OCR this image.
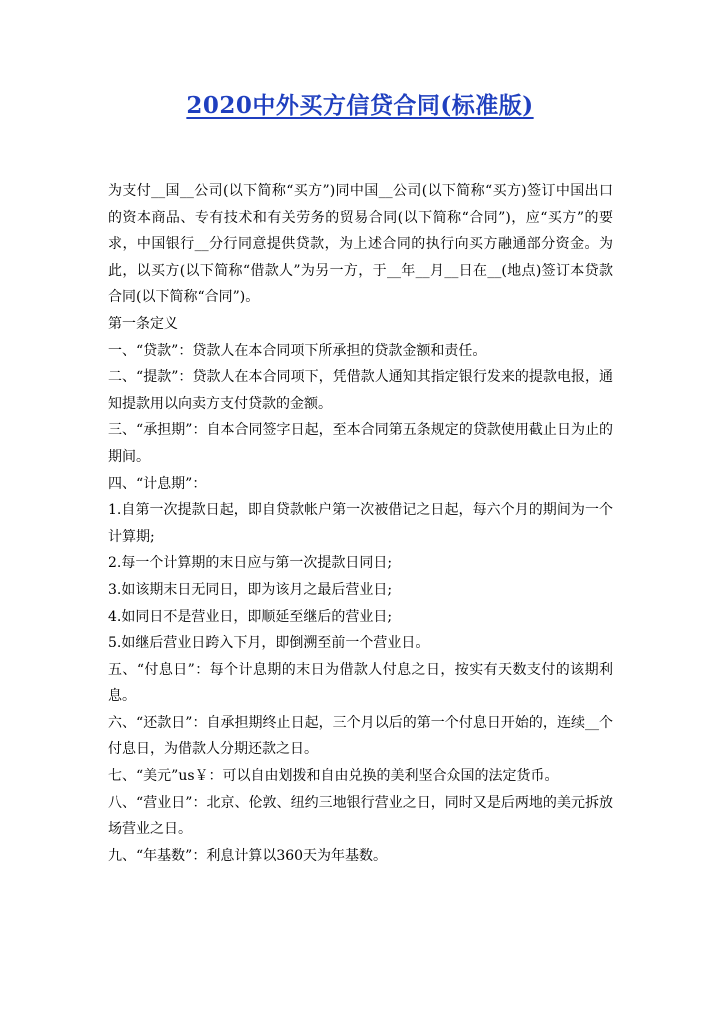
2020中外买方信贷合同(标准版)

为支付__国__公司(以下简称“买方”)同中国__公司(以下简称“买方)签订中国出口的资本商品、专有技术和有关劳务的贸易合同(以下简称“合同”)，应“买方”的要求，中国银行__分行同意提供贷款，为上述合同的执行向买方融通部分资金。为此，以买方(以下简称“借款人”为另一方，于__年__月__日在__(地点)签订本贷款合同(以下简称“合同”)。

第一条定义

一、“贷款”：贷款人在本合同项下所承担的贷款金额和责任。

二、“提款”：贷款人在本合同项下，凭借款人通知其指定银行发来的提款电报，通知提款用以向卖方支付贷款的金额。

三、“承担期”：自本合同签字日起，至本合同第五条规定的贷款使用截止日为止的期间。

四、“计息期”：

1.自第一次提款日起，即自贷款帐户第一次被借记之日起，每六个月的期间为一个计算期;

2.每一个计算期的末日应与第一次提款日同日;

3.如该期末日无同日，即为该月之最后营业日;

4.如同日不是营业日，即顺延至继后的营业日;

5.如继后营业日跨入下月，即倒溯至前一个营业日。

五、“付息日”：每个计息期的末日为借款人付息之日，按实有天数支付的该期利息。

六、“还款日”：自承担期终止日起，三个月以后的第一个付息日开始的，连续__个付息日，为借款人分期还款之日。

七、“美元”us￥：可以自由划拨和自由兑换的美利坚合众国的法定货币。

八、“营业日”：北京、伦敦、纽约三地银行营业之日，同时又是后两地的美元拆放场营业之日。

九、“年基数”：利息计算以360天为年基数。
